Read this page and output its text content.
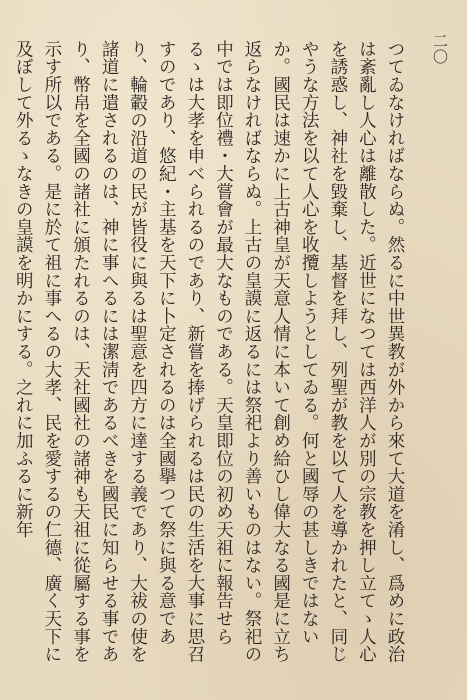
二〇

つてゐなければならぬ。然るに中世異教が外から來て大道を淆し、爲めに政治は紊亂し人心は離散した。近世になつては西洋人が別の宗教を押し立てゝ人心を誘惑し、神社を毀棄し、基督を拜し、列聖が教を以て人を導かれたと、同じやうな方法を以て人心を收攬しようとしてゐる。何と國辱の甚しきではないか。國民は速かに上古神皇が天意人情に本いて創め給ひし偉大なる國是に立ち返らなければならぬ。上古の皇謨に返るには祭祀より善いものはない。祭祀の中では即位禮・大嘗會が最大なものである。天皇即位の初め天祖に報告せらるゝは大孝を申べられるのであり、新嘗を捧げられるは民の生活を大事に思召すのであり、悠紀・主基を天下に卜定されるのは全國擧つて祭に與る意であり、輪轂の沿道の民が皆役に與るは聖意を四方に達する義であり、大祓の使を諸道に遣されるのは、神に事へるには潔淸であるべきを國民に知らせる事であり、幣帛を全國の諸社に頒たれるのは、天社國社の諸神も天祖に從屬する事を示す所以である。是に於て祖に事へるの大孝、民を愛するの仁德、廣く天下に及ぼして外るゝなきの皇謨を明かにする。之れに加ふるに新年
